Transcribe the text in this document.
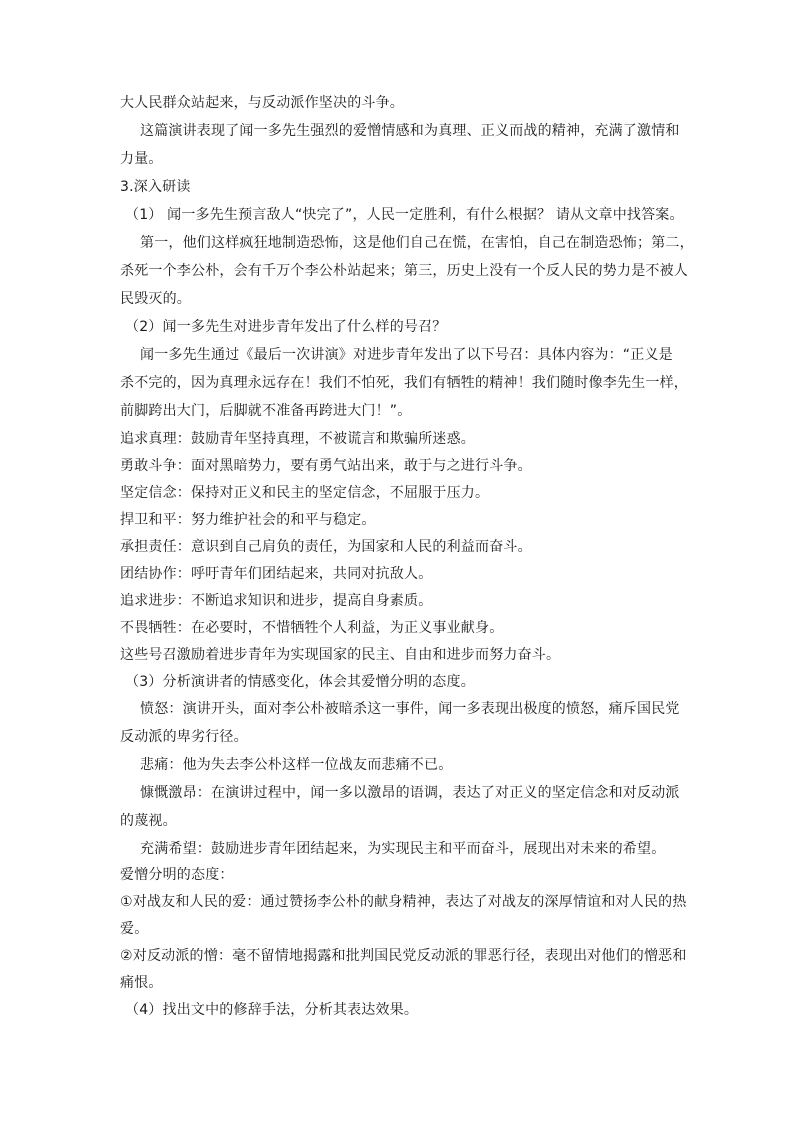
大人民群众站起来，与反动派作坚决的斗争。
这篇演讲表现了闻一多先生强烈的爱憎情感和为真理、正义而战的精神，充满了激情和
力量。
3.深入研读
（1） 闻一多先生预言敌人“快完了”，人民一定胜利，有什么根据？ 请从文章中找答案。
第一，他们这样疯狂地制造恐怖，这是他们自己在慌，在害怕，自己在制造恐怖；第二，
杀死一个李公朴，会有千万个李公朴站起来；第三，历史上没有一个反人民的势力是不被人
民毁灭的。
（2）闻一多先生对进步青年发出了什么样的号召？
闻一多先生通过《最后一次讲演》对进步青年发出了以下号召：具体内容为：“正义是
杀不完的，因为真理永远存在！我们不怕死，我们有牺牲的精神！我们随时像李先生一样，
前脚跨出大门，后脚就不准备再跨进大门！”。
追求真理：鼓励青年坚持真理，不被谎言和欺骗所迷惑。
勇敢斗争：面对黑暗势力，要有勇气站出来，敢于与之进行斗争。
坚定信念：保持对正义和民主的坚定信念，不屈服于压力。
捍卫和平：努力维护社会的和平与稳定。
承担责任：意识到自己肩负的责任，为国家和人民的利益而奋斗。
团结协作：呼吁青年们团结起来，共同对抗敌人。
追求进步：不断追求知识和进步，提高自身素质。
不畏牺牲：在必要时，不惜牺牲个人利益，为正义事业献身。
这些号召激励着进步青年为实现国家的民主、自由和进步而努力奋斗。
（3）分析演讲者的情感变化，体会其爱憎分明的态度。
愤怒：演讲开头，面对李公朴被暗杀这一事件，闻一多表现出极度的愤怒，痛斥国民党
反动派的卑劣行径。
悲痛：他为失去李公朴这样一位战友而悲痛不已。
慷慨激昂：在演讲过程中，闻一多以激昂的语调，表达了对正义的坚定信念和对反动派
的蔑视。
充满希望：鼓励进步青年团结起来，为实现民主和平而奋斗，展现出对未来的希望。
爱憎分明的态度：
①对战友和人民的爱：通过赞扬李公朴的献身精神，表达了对战友的深厚情谊和对人民的热
爱。
②对反动派的憎：毫不留情地揭露和批判国民党反动派的罪恶行径，表现出对他们的憎恶和
痛恨。
（4）找出文中的修辞手法，分析其表达效果。
